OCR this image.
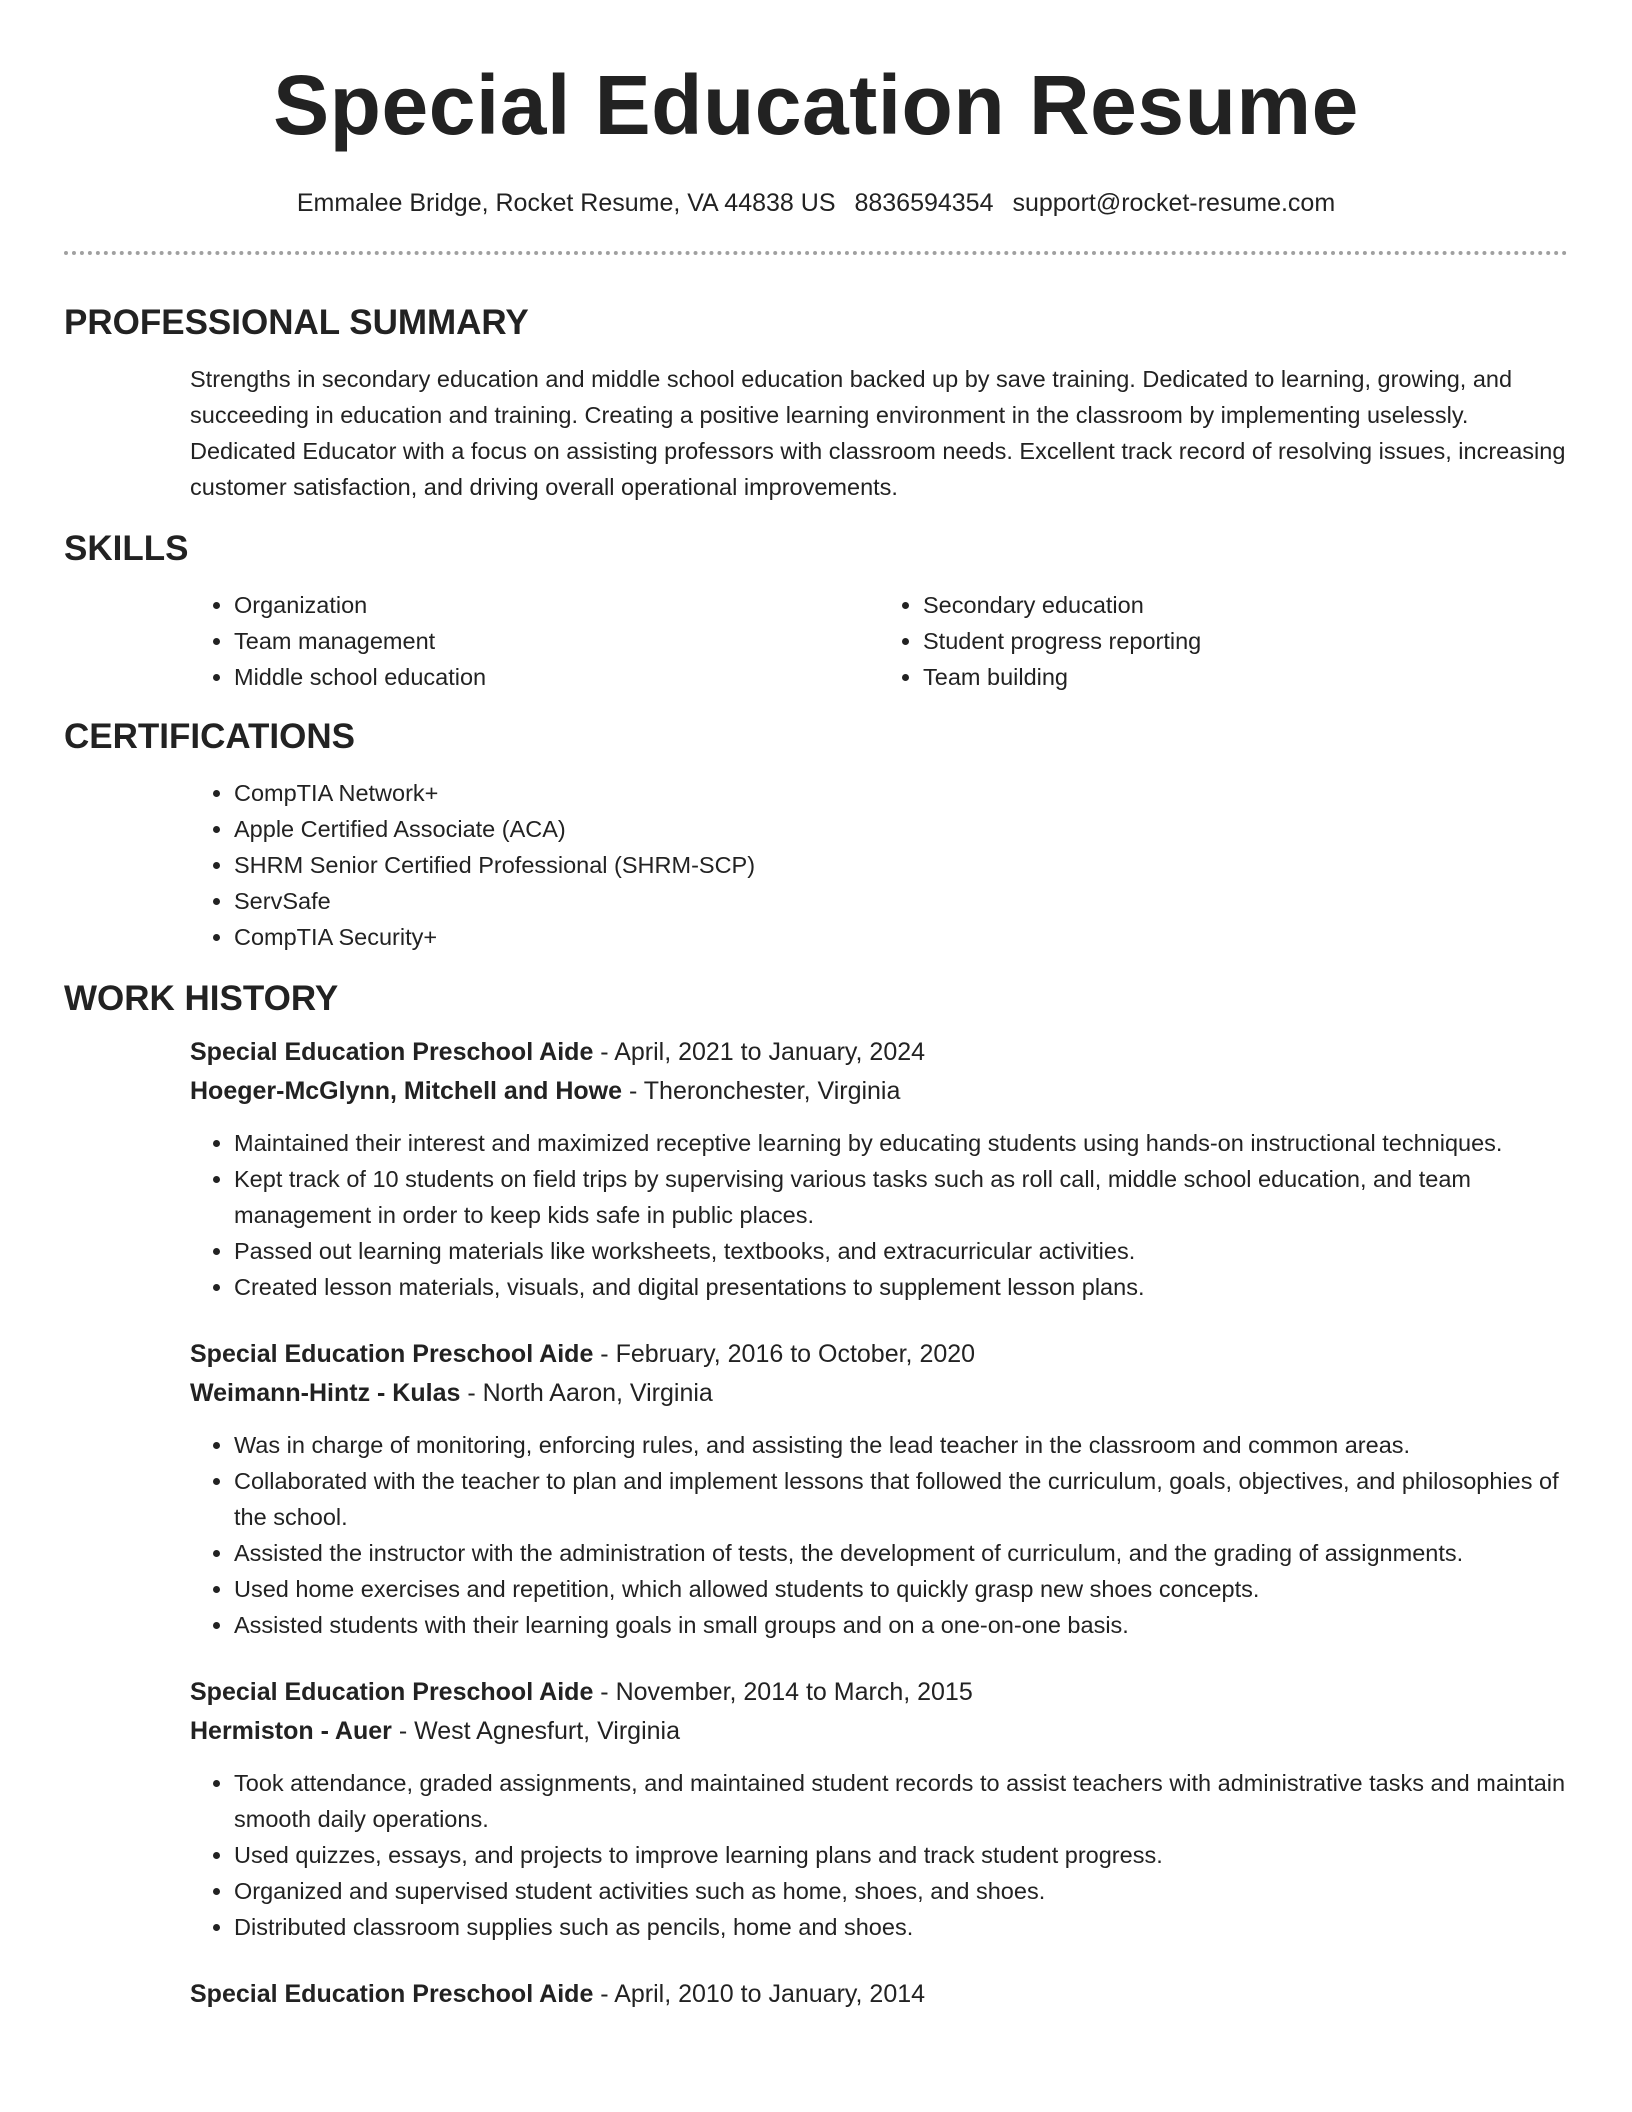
Special Education Resume
Emmalee Bridge, Rocket Resume, VA 44838 US 8836594354 support@rocket-resume.com
PROFESSIONAL SUMMARY

Strengths in secondary education and middle school education backed up by save training. Dedicated to learning, growing, and succeeding in education and training. Creating a positive learning environment in the classroom by implementing uselessly. Dedicated Educator with a focus on assisting professors with classroom needs. Excellent track record of resolving issues, increasing customer satisfaction, and driving overall operational improvements.

SKILLS
• Organization
• Team management
• Middle school education
• Secondary education
• Student progress reporting
• Team building
CERTIFICATIONS
• CompTIA Network+
• Apple Certified Associate (ACA)
• SHRM Senior Certified Professional (SHRM-SCP)
• ServSafe
• CompTIA Security+
WORK HISTORY
Special Education Preschool Aide - April, 2021 to January, 2024
Hoeger-McGlynn, Mitchell and Howe - Theronchester, Virginia
• Maintained their interest and maximized receptive learning by educating students using hands-on instructional techniques.
• Kept track of 10 students on field trips by supervising various tasks such as roll call, middle school education, and team management in order to keep kids safe in public places.
• Passed out learning materials like worksheets, textbooks, and extracurricular activities.
• Created lesson materials, visuals, and digital presentations to supplement lesson plans.
Special Education Preschool Aide - February, 2016 to October, 2020
Weimann-Hintz - Kulas - North Aaron, Virginia
• Was in charge of monitoring, enforcing rules, and assisting the lead teacher in the classroom and common areas.
• Collaborated with the teacher to plan and implement lessons that followed the curriculum, goals, objectives, and philosophies of the school.
• Assisted the instructor with the administration of tests, the development of curriculum, and the grading of assignments.
• Used home exercises and repetition, which allowed students to quickly grasp new shoes concepts.
• Assisted students with their learning goals in small groups and on a one-on-one basis.
Special Education Preschool Aide - November, 2014 to March, 2015
Hermiston - Auer - West Agnesfurt, Virginia
• Took attendance, graded assignments, and maintained student records to assist teachers with administrative tasks and maintain smooth daily operations.
• Used quizzes, essays, and projects to improve learning plans and track student progress.
• Organized and supervised student activities such as home, shoes, and shoes.
• Distributed classroom supplies such as pencils, home and shoes.
Special Education Preschool Aide - April, 2010 to January, 2014
